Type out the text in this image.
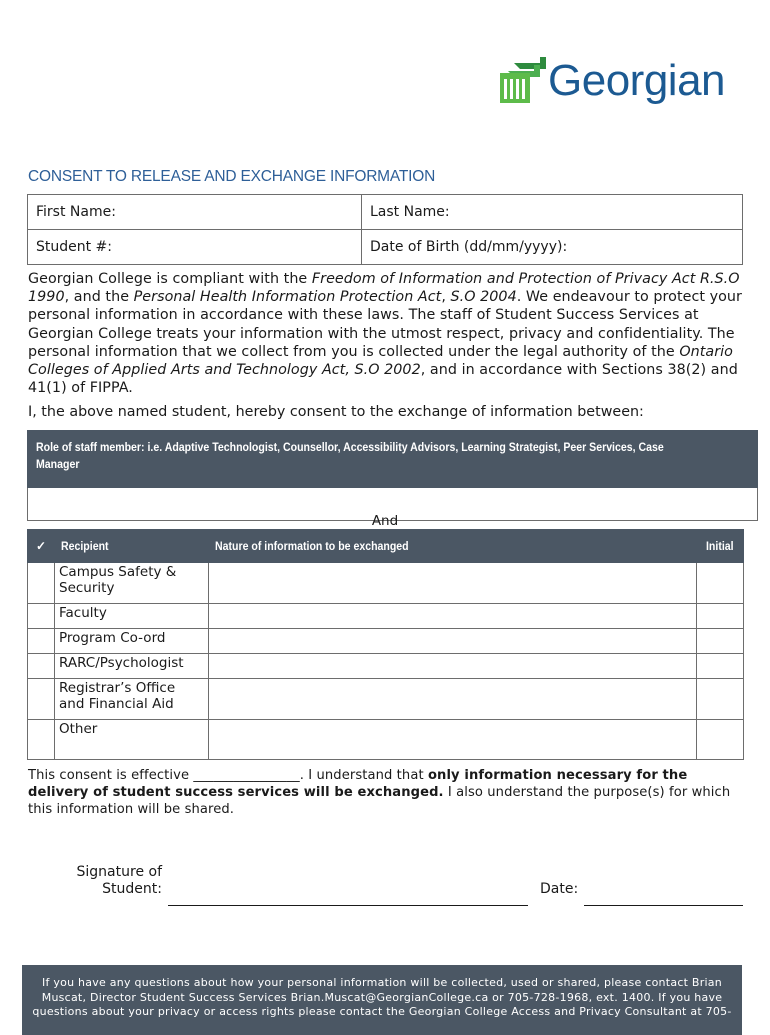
Georgian
CONSENT TO RELEASE AND EXCHANGE INFORMATION
First Name:	Last Name:
Student #:	Date of Birth (dd/mm/yyyy):
Georgian College is compliant with the Freedom of Information and Protection of Privacy Act R.S.O 1990, and the Personal Health Information Protection Act, S.O 2004. We endeavour to protect your personal information in accordance with these laws. The staff of Student Success Services at Georgian College treats your information with the utmost respect, privacy and confidentiality. The personal information that we collect from you is collected under the legal authority of the Ontario Colleges of Applied Arts and Technology Act, S.O 2002, and in accordance with Sections 38(2) and 41(1) of FIPPA.
I, the above named student, hereby consent to the exchange of information between:
Role of staff member: i.e. Adaptive Technologist, Counsellor, Accessibility Advisors, Learning Strategist, Peer Services, Case
Manager

And
✓	Recipient	Nature of information to be exchanged	Initial
	Campus Safety &
Security		
	Faculty		
	Program Co-ord		
	RARC/Psychologist		
	Registrar’s Office
and Financial Aid		
	Other		
This consent is effective ________________. I understand that only information necessary for the delivery of student success services will be exchanged. I also understand the purpose(s) for which this information will be shared.
Signature of
Student:	Date:
If you have any questions about how your personal information will be collected, used or shared, please contact Brian Muscat, Director Student Success Services Brian.Muscat@GeorgianCollege.ca or 705-728-1968, ext. 1400. If you have questions about your privacy or access rights please contact the Georgian College Access and Privacy Consultant at 705-
